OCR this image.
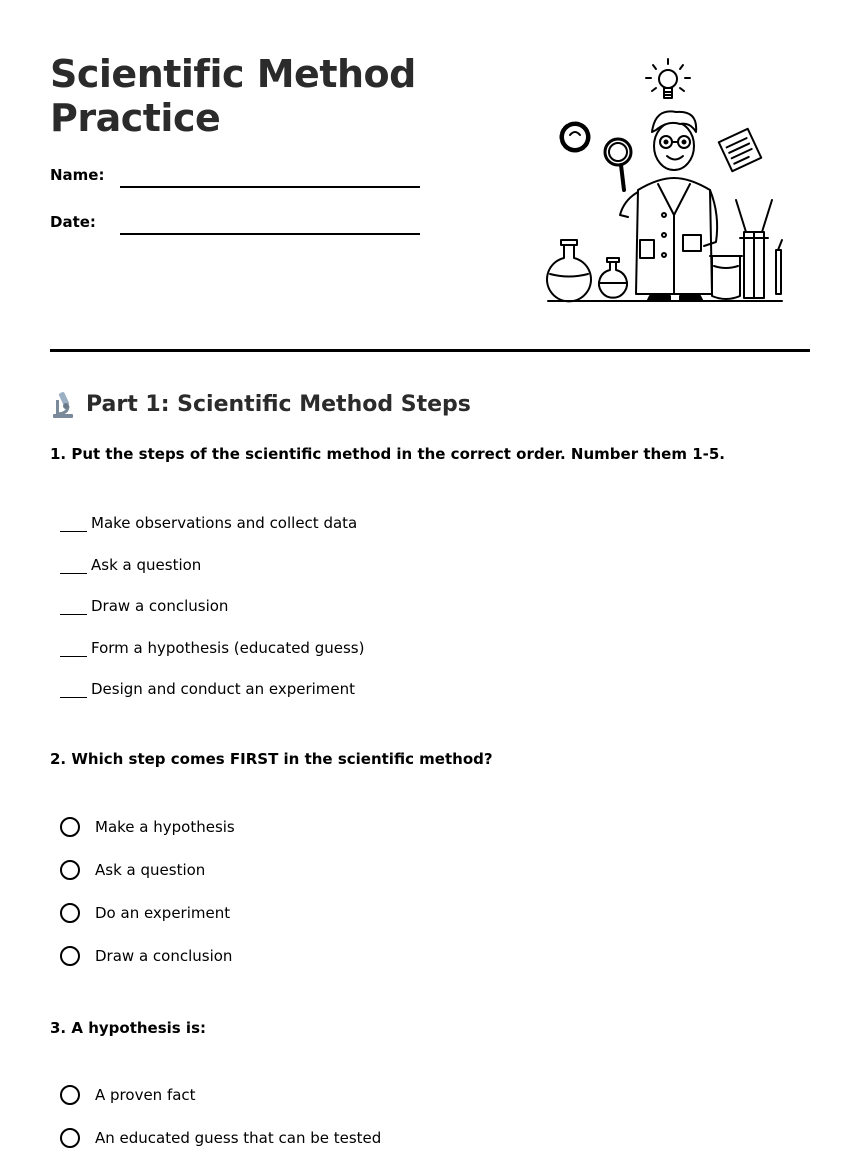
Scientific Method
Practice
Name:
Date:
Part 1: Scientific Method Steps
1. Put the steps of the scientific method in the correct order. Number them 1-5.
Make observations and collect data
Ask a question
Draw a conclusion
Form a hypothesis (educated guess)
Design and conduct an experiment
2. Which step comes FIRST in the scientific method?
Make a hypothesis
Ask a question
Do an experiment
Draw a conclusion
3. A hypothesis is:
A proven fact
An educated guess that can be tested
